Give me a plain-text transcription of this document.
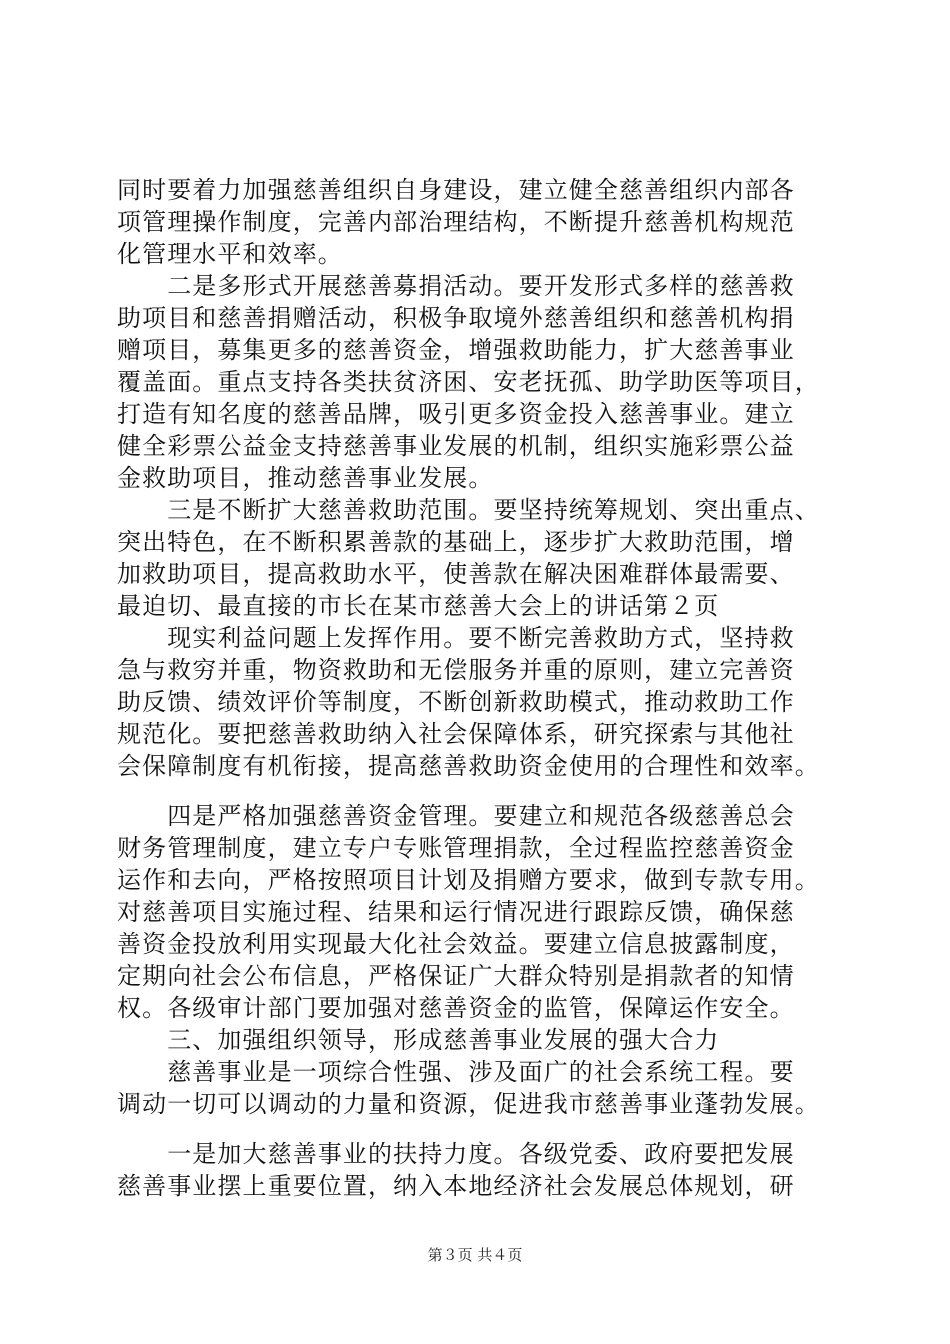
同时要着力加强慈善组织自身建设，建立健全慈善组织内部各
项管理操作制度，完善内部治理结构，不断提升慈善机构规范
化管理水平和效率。
　　二是多形式开展慈善募捐活动。要开发形式多样的慈善救
助项目和慈善捐赠活动，积极争取境外慈善组织和慈善机构捐
赠项目，募集更多的慈善资金，增强救助能力，扩大慈善事业
覆盖面。重点支持各类扶贫济困、安老抚孤、助学助医等项目，
打造有知名度的慈善品牌，吸引更多资金投入慈善事业。建立
健全彩票公益金支持慈善事业发展的机制，组织实施彩票公益
金救助项目，推动慈善事业发展。
　　三是不断扩大慈善救助范围。要坚持统筹规划、突出重点、
突出特色，在不断积累善款的基础上，逐步扩大救助范围，增
加救助项目，提高救助水平，使善款在解决困难群体最需要、
最迫切、最直接的市长在某市慈善大会上的讲话第２页
　　现实利益问题上发挥作用。要不断完善救助方式，坚持救
急与救穷并重，物资救助和无偿服务并重的原则，建立完善资
助反馈、绩效评价等制度，不断创新救助模式，推动救助工作
规范化。要把慈善救助纳入社会保障体系，研究探索与其他社
会保障制度有机衔接，提高慈善救助资金使用的合理性和效率。
　　四是严格加强慈善资金管理。要建立和规范各级慈善总会
财务管理制度，建立专户专账管理捐款，全过程监控慈善资金
运作和去向，严格按照项目计划及捐赠方要求，做到专款专用。
对慈善项目实施过程、结果和运行情况进行跟踪反馈，确保慈
善资金投放利用实现最大化社会效益。要建立信息披露制度，
定期向社会公布信息，严格保证广大群众特别是捐款者的知情
权。各级审计部门要加强对慈善资金的监管，保障运作安全。
　　三、加强组织领导，形成慈善事业发展的强大合力
　　慈善事业是一项综合性强、涉及面广的社会系统工程。要
调动一切可以调动的力量和资源，促进我市慈善事业蓬勃发展。
　　一是加大慈善事业的扶持力度。各级党委、政府要把发展
慈善事业摆上重要位置，纳入本地经济社会发展总体规划，研
第３页 共４页
